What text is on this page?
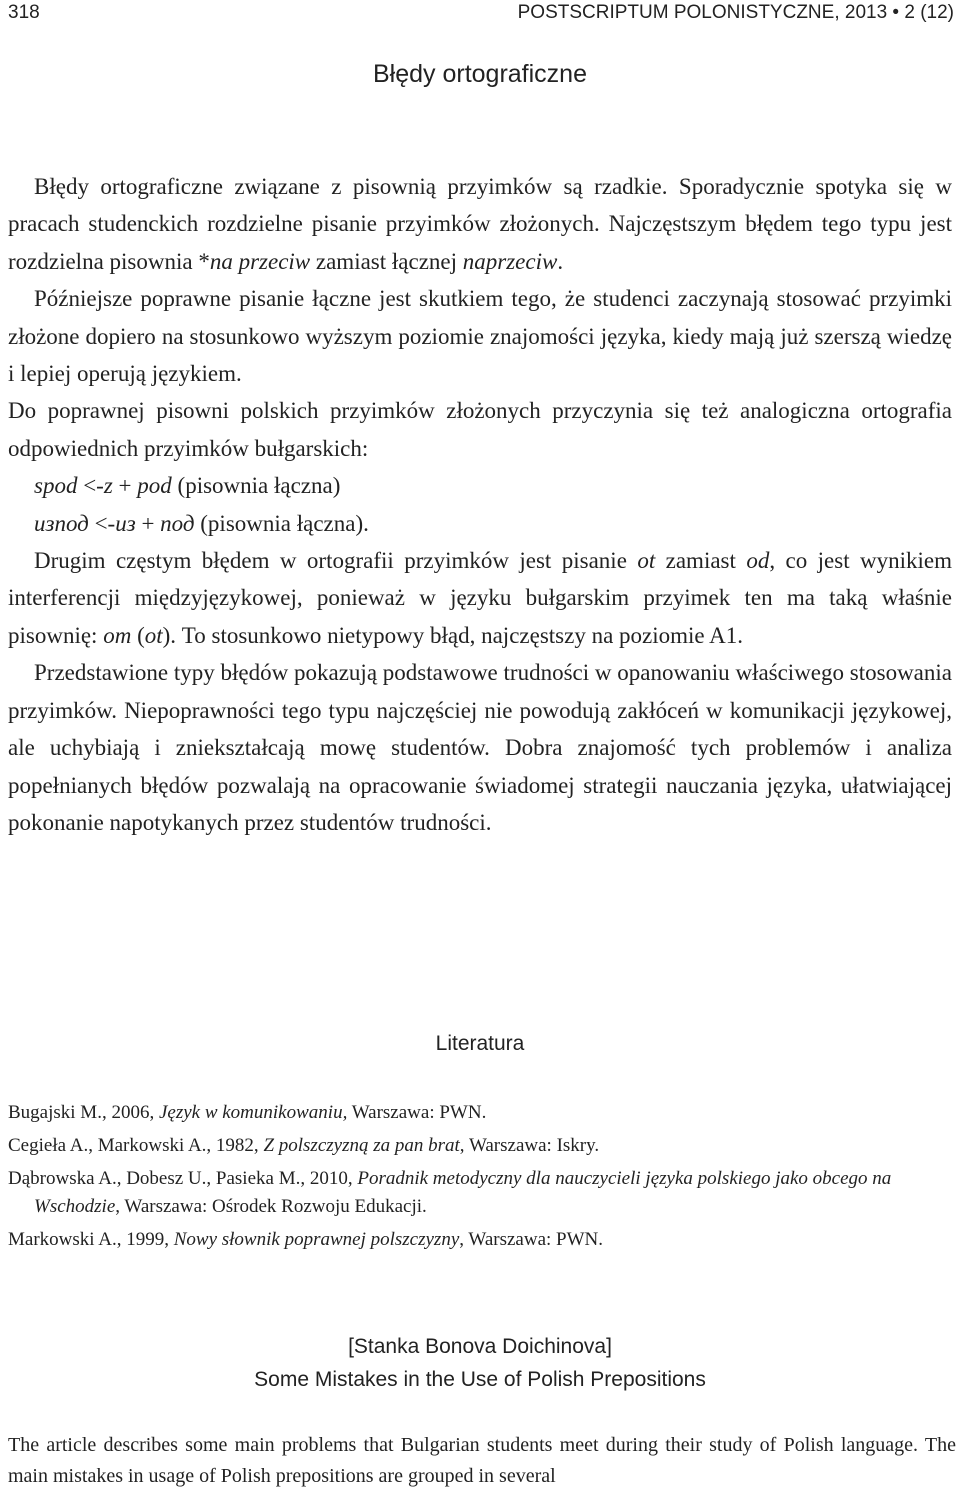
318	POSTSCRIPTUM POLONISTYCZNE, 2013 • 2 (12)
Błędy ortograficzne

Błędy ortograficzne związane z pisownią przyimków są rzadkie. Sporadycznie spotyka się w pracach studenckich rozdzielne pisanie przyimków złożonych. Najczęstszym błędem tego typu jest rozdzielna pisownia *na przeciw zamiast łącznej naprzeciw.

Późniejsze poprawne pisanie łączne jest skutkiem tego, że studenci zaczynają stosować przyimki złożone dopiero na stosunkowo wyższym poziomie znajomości języka, kiedy mają już szerszą wiedzę i lepiej operują językiem.

Do poprawnej pisowni polskich przyimków złożonych przyczynia się też analogiczna ortografia odpowiednich przyimków bułgarskich:

spod <-z + pod (pisownia łączna)

изпод <-из + под (pisownia łączna).

Drugim częstym błędem w ortografii przyimków jest pisanie ot zamiast od, co jest wynikiem interferencji międzyjęzykowej, ponieważ w języku bułgarskim przyimek ten ma taką właśnie pisownię: от (ot). To stosunkowo nietypowy błąd, najczęstszy na poziomie A1.

Przedstawione typy błędów pokazują podstawowe trudności w opanowaniu właściwego stosowania przyimków. Niepoprawności tego typu najczęściej nie powodują zakłóceń w komunikacji językowej, ale uchybiają i zniekształcają mowę studentów. Dobra znajomość tych problemów i analiza popełnianych błędów pozwalają na opracowanie świadomej strategii nauczania języka, ułatwiającej pokonanie napotykanych przez studentów trudności.

Literatura

Bugajski M., 2006, Język w komunikowaniu, Warszawa: PWN.

Cegieła A., Markowski A., 1982, Z polszczyzną za pan brat, Warszawa: Iskry.

Dąbrowska A., Dobesz U., Pasieka M., 2010, Poradnik metodyczny dla nauczycieli języka polskiego jako obcego na Wschodzie, Warszawa: Ośrodek Rozwoju Edukacji.

Markowski A., 1999, Nowy słownik poprawnej polszczyzny, Warszawa: PWN.

[Stanka Bonova Doichinova]
Some Mistakes in the Use of Polish Prepositions
The article describes some main problems that Bulgarian students meet during their study of Polish language. The main mistakes in usage of Polish prepositions are grouped in several
